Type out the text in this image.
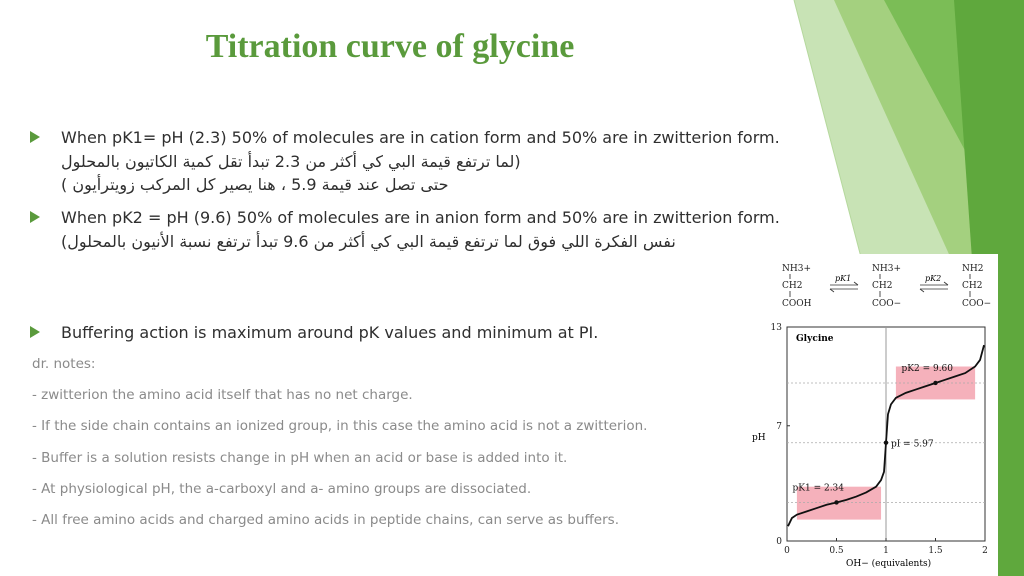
Titration curve of glycine
When pK1= pH (2.3) 50% of molecules are in cation form and 50% are in zwitterion form. (لما ترتفع قيمة البي كي أكثر من 2.3 تبدأ تقل كمية الكاتيون بالمحلول
حتى تصل عند قيمة 5.9 ، هنا يصير كل المركب زويترأيون )
When pK2 = pH (9.6) 50% of molecules are in anion form and 50% are in zwitterion form. نفس الفكرة اللي فوق لما ترتفع قيمة البي كي أكثر من 9.6 تبدأ ترتفع نسبة الأنيون بالمحلول)
Buffering action is maximum around pK values and minimum at PI.
dr. notes:
- zwitterion the amino acid itself that has no net charge.
- If the side chain contains an ionized group, in this case the amino acid is not a zwitterion.
- Buffer is a solution resists change in pH when an acid or base is added into it.
- At physiological pH, the a-carboxyl and a- amino groups are dissociated.
- All free amino acids and charged amino acids in peptide chains, can serve as buffers.
NH3+
CH2
COOH
NH3+
CH2
COO−
NH2
CH2
COO−
pK1	pK2
Glycine
pH
OH− (equivalents)
0	0.5	1	1.5	2
0
7
13
pK1 = 2.34
pI = 5.97
pK2 = 9.60
